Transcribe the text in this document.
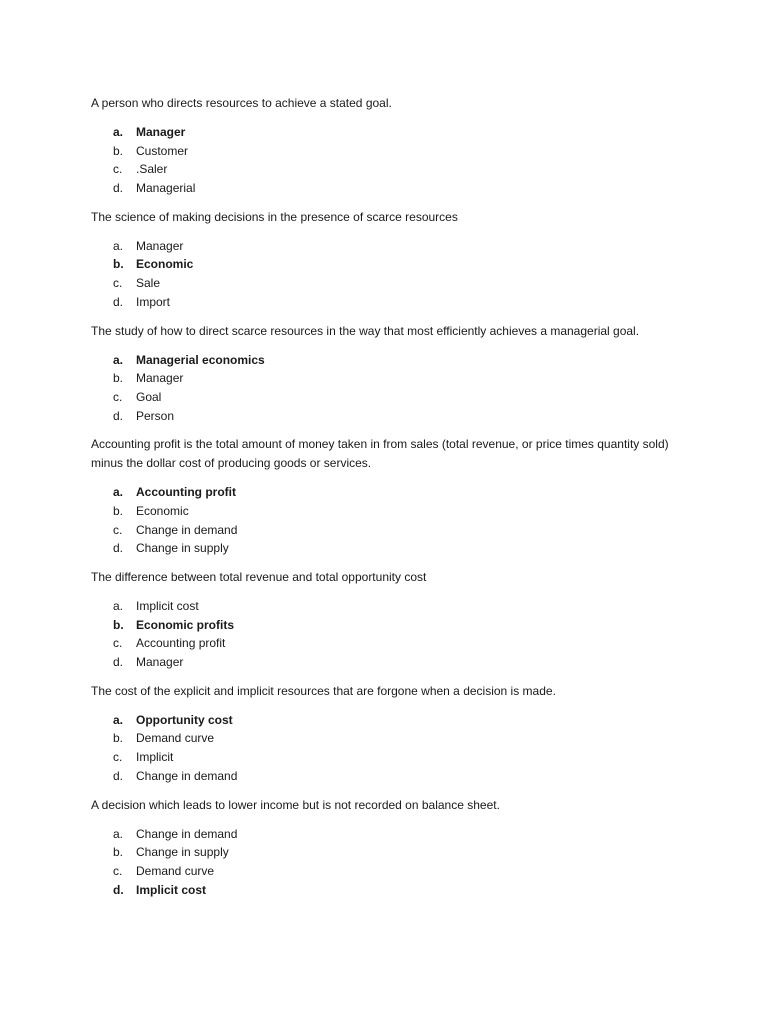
A person who directs resources to achieve a stated goal.
a.	Manager
b.	Customer
c.	.Saler
d.	Managerial
The science of making decisions in the presence of scarce resources
a.	Manager
b.	Economic
c.	Sale
d.	Import
The study of how to direct scarce resources in the way that most efficiently achieves a managerial goal.
a.	Managerial economics
b.	Manager
c.	Goal
d.	Person
Accounting profit is the total amount of money taken in from sales (total revenue, or price times quantity sold) minus the dollar cost of producing goods or services.
a.	Accounting profit
b.	Economic
c.	Change in demand
d.	Change in supply
The difference between total revenue and total opportunity cost
a.	Implicit cost
b.	Economic profits
c.	Accounting profit
d.	Manager
The cost of the explicit and implicit resources that are forgone when a decision is made.
a.	Opportunity cost
b.	Demand curve
c.	Implicit
d.	Change in demand
A decision which leads to lower income but is not recorded on balance sheet.
a.	Change in demand
b.	Change in supply
c.	Demand curve
d.	Implicit cost
